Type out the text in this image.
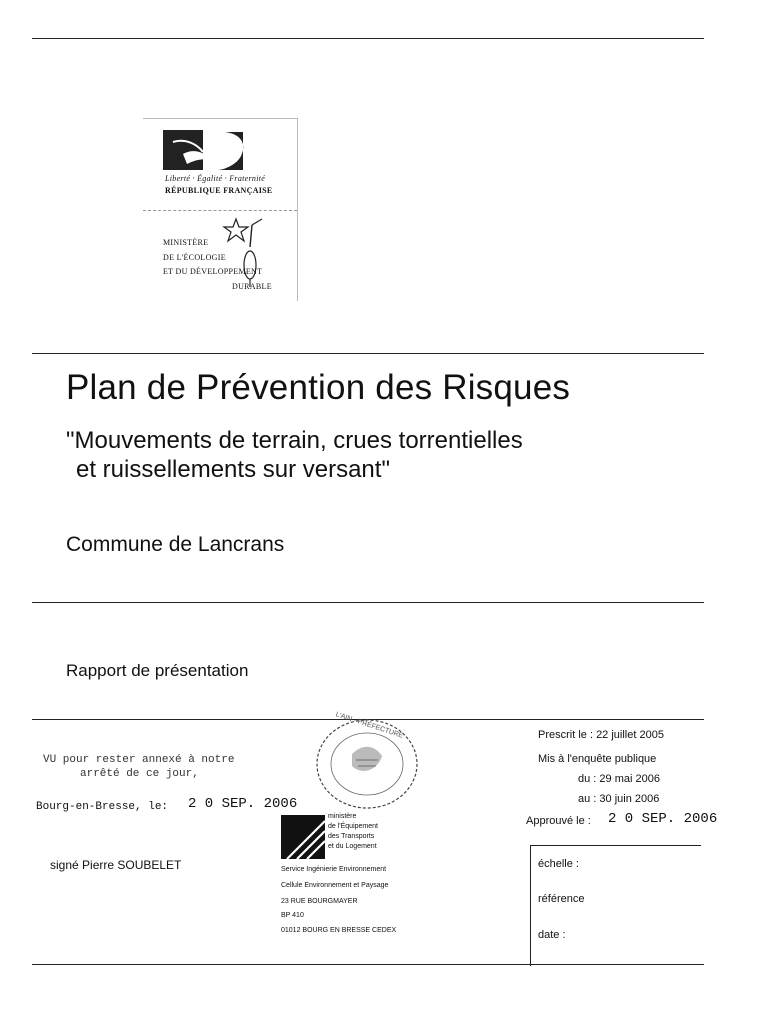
Liberté · Égalité · Fraternité
RÉPUBLIQUE FRANÇAISE
MINISTÈRE
DE L'ÉCOLOGIE
ET DU DÉVELOPPEMENT
DURABLE
Plan de Prévention des Risques
"Mouvements de terrain, crues torrentielles
et ruissellements sur versant"
Commune de Lancrans
Rapport de présentation
VU pour rester annexé à notre
arrêté de ce jour,
Bourg-en-Bresse, le: 2 0 SEP. 2006
signé Pierre SOUBELET
L'AIN · PRÉFECTURE
ministère
de l'Équipement
des Transports
et du Logement
Service Ingénierie Environnement
Cellule Environnement et Paysage
23 RUE BOURGMAYER
BP 410
01012 BOURG EN BRESSE CEDEX
Prescrit le : 22 juillet 2005
Mis à l'enquête publique
du : 29 mai 2006
au : 30 juin 2006
Approuvé le : 2 0 SEP. 2006
échelle :
référence
date :
